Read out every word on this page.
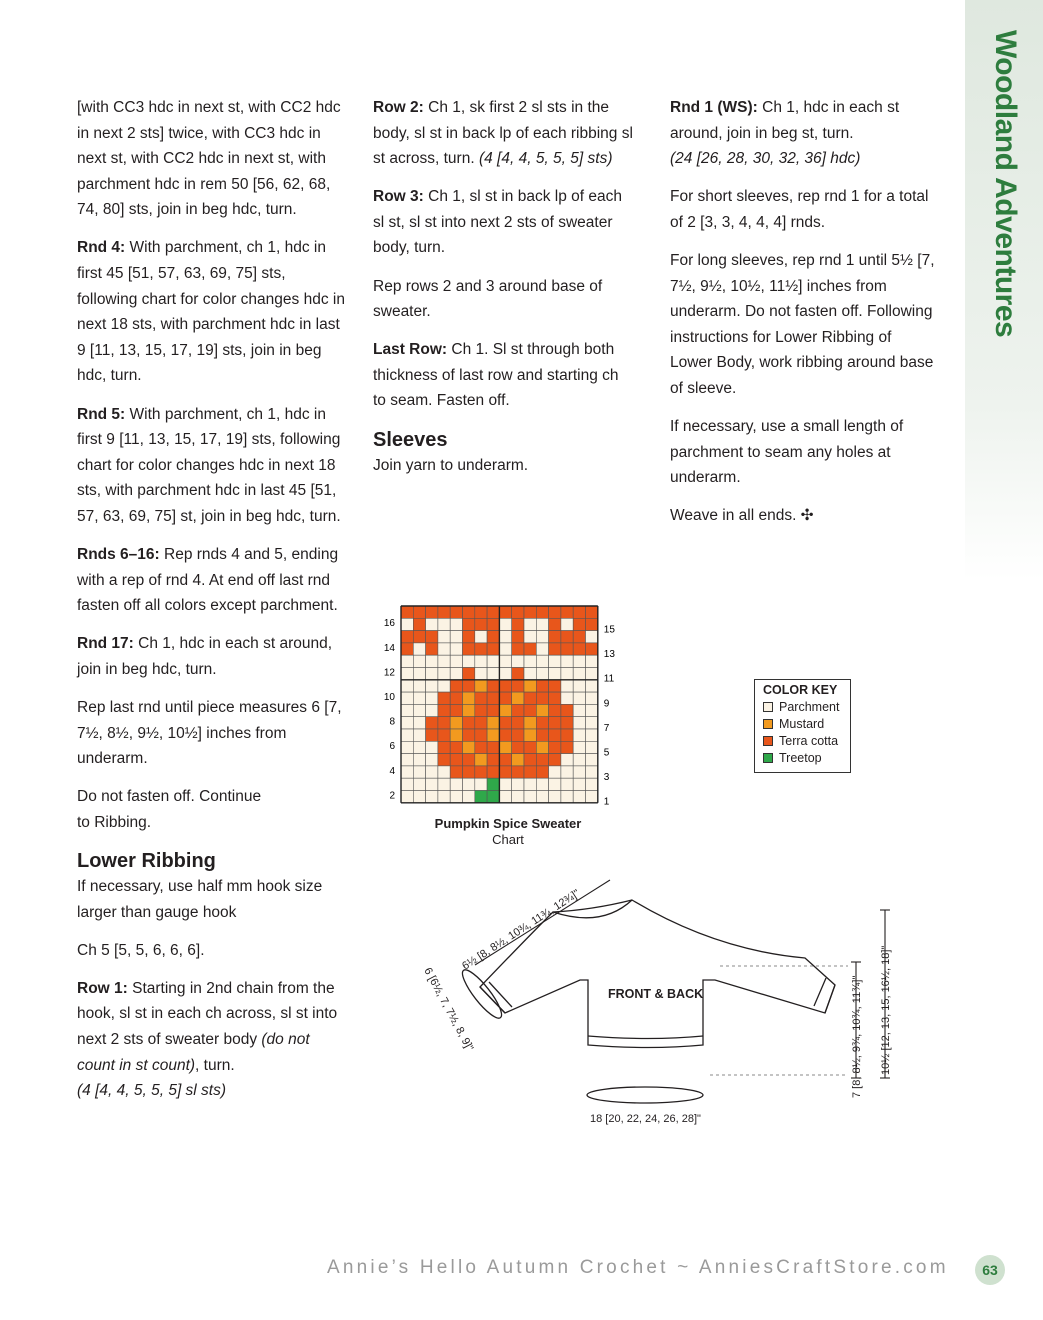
Woodland Adventures

[with CC3 hdc in next st, with CC2 hdc in next 2 sts] twice, with CC3 hdc in next st, with CC2 hdc in next st, with parchment hdc in rem 50 [56, 62, 68, 74, 80] sts, join in beg hdc, turn.

Rnd 4: With parchment, ch 1, hdc in first 45 [51, 57, 63, 69, 75] sts, following chart for color changes hdc in next 18 sts, with parchment hdc in last 9 [11, 13, 15, 17, 19] sts, join in beg hdc, turn.

Rnd 5: With parchment, ch 1, hdc in first 9 [11, 13, 15, 17, 19] sts, following chart for color changes hdc in next 18 sts, with parchment hdc in last 45 [51, 57, 63, 69, 75] st, join in beg hdc, turn.

Rnds 6–16: Rep rnds 4 and 5, ending with a rep of rnd 4. At end off last rnd fasten off all colors except parchment.

Rnd 17: Ch 1, hdc in each st around, join in beg hdc, turn.

Rep last rnd until piece measures 6 [7, 7½, 8½, 9½, 10½] inches from underarm.

Do not fasten off. Continue to Ribbing.

Lower Ribbing

If necessary, use half mm hook size larger than gauge hook

Ch 5 [5, 5, 6, 6, 6].

Row 1: Starting in 2nd chain from the hook, sl st in each ch across, sl st into next 2 sts of sweater body (do not count in st count), turn.
(4 [4, 4, 5, 5, 5] sl sts)

Row 2: Ch 1, sk first 2 sl sts in the body, sl st in back lp of each ribbing sl st across, turn. (4 [4, 4, 5, 5, 5] sts)

Row 3: Ch 1, sl st in back lp of each sl st, sl st into next 2 sts of sweater body, turn.

Rep rows 2 and 3 around base of sweater.

Last Row: Ch 1. Sl st through both thickness of last row and starting ch to seam. Fasten off.

Sleeves

Join yarn to underarm.

Rnd 1 (WS): Ch 1, hdc in each st around, join in beg st, turn.
(24 [26, 28, 30, 32, 36] hdc)

For short sleeves, rep rnd 1 for a total of 2 [3, 3, 4, 4, 4] rnds.

For long sleeves, rep rnd 1 until 5½ [7, 7½, 9½, 10½, 11½] inches from underarm. Do not fasten off. Following instructions for Lower Ribbing of Lower Body, work ribbing around base of sleeve.

If necessary, use a small length of parchment to seam any holes at underarm.

Weave in all ends. ✣

16
14
12
10
8
6
4
2
15
13
11
9
7
5
3
1
COLOR KEY
Parchment
Mustard
Terra cotta
Treetop
Pumpkin Spice Sweater
Chart
FRONT & BACK
6½ [8, 8½, 10¾, 11¾, 12¾]"
6 [6½, 7, 7½, 8, 9]"
18 [20, 22, 24, 26, 28]"
7 [8, 8½, 9¾, 10¾, 11¾]" 10½ [12, 13, 15, 16½, 18]"
Annie’s Hello Autumn Crochet ~ AnniesCraftStore.com	63
